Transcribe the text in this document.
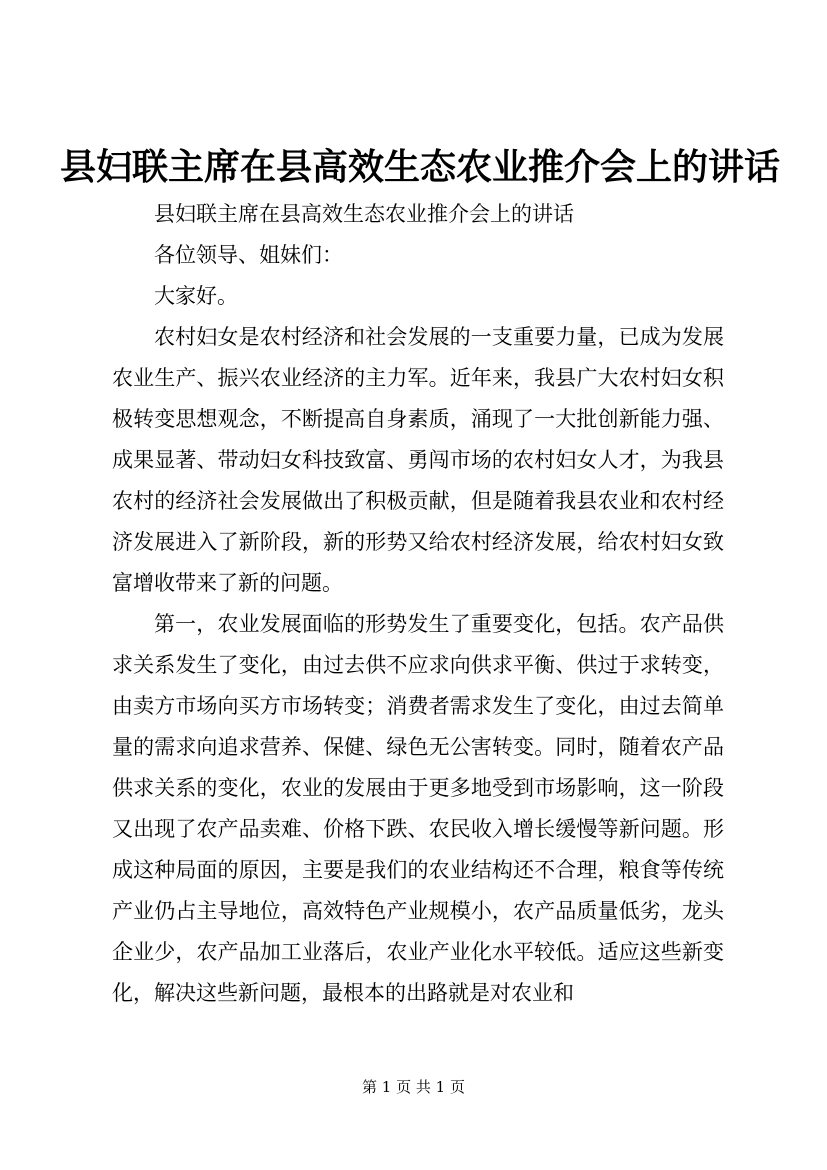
县妇联主席在县高效生态农业推介会上的讲话

县妇联主席在县高效生态农业推介会上的讲话

各位领导、姐妹们：

大家好。

农村妇女是农村经济和社会发展的一支重要力量，已成为发展农业生产、振兴农业经济的主力军。近年来，我县广大农村妇女积极转变思想观念，不断提高自身素质，涌现了一大批创新能力强、成果显著、带动妇女科技致富、勇闯市场的农村妇女人才，为我县农村的经济社会发展做出了积极贡献，但是随着我县农业和农村经济发展进入了新阶段，新的形势又给农村经济发展，给农村妇女致富增收带来了新的问题。

第一，农业发展面临的形势发生了重要变化，包括。农产品供求关系发生了变化，由过去供不应求向供求平衡、供过于求转变，由卖方市场向买方市场转变；消费者需求发生了变化，由过去简单量的需求向追求营养、保健、绿色无公害转变。同时，随着农产品供求关系的变化，农业的发展由于更多地受到市场影响，这一阶段又出现了农产品卖难、价格下跌、农民收入增长缓慢等新问题。形成这种局面的原因，主要是我们的农业结构还不合理，粮食等传统产业仍占主导地位，高效特色产业规模小，农产品质量低劣，龙头企业少，农产品加工业落后，农业产业化水平较低。适应这些新变化，解决这些新问题，最根本的出路就是对农业和

第 1 页 共 1 页
